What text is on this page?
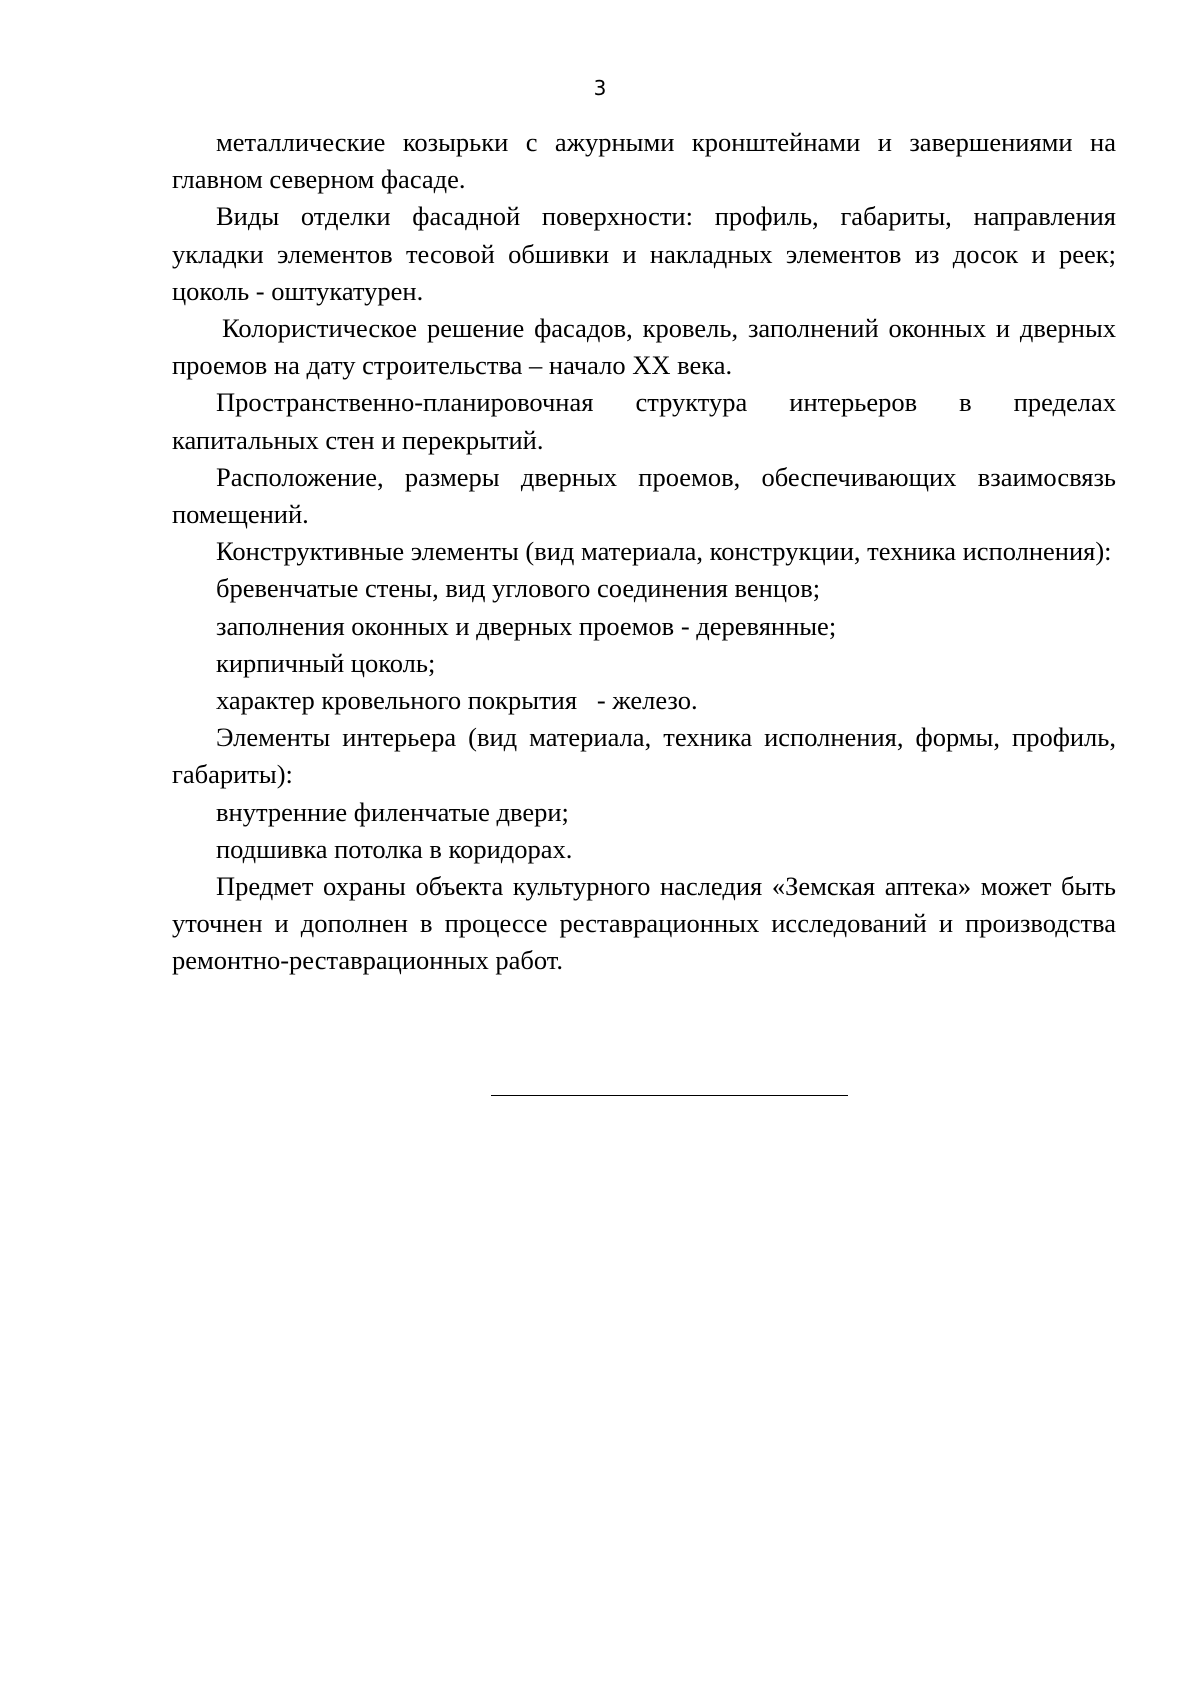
3

металлические козырьки с ажурными кронштейнами и завершениями на главном северном фасаде.

Виды отделки фасадной поверхности: профиль, габариты, направления укладки элементов тесовой обшивки и накладных элементов из досок и реек; цоколь - оштукатурен.

Колористическое решение фасадов, кровель, заполнений оконных и дверных проемов на дату строительства – начало XX века.

Пространственно-планировочная структура интерьеров в пределах капитальных стен и перекрытий.

Расположение, размеры дверных проемов, обеспечивающих взаимосвязь помещений.

Конструктивные элементы (вид материала, конструкции, техника исполнения):

бревенчатые стены, вид углового соединения венцов;

заполнения оконных и дверных проемов - деревянные;

кирпичный цоколь;

характер кровельного покрытия   - железо.

Элементы интерьера (вид материала, техника исполнения, формы, профиль, габариты):

внутренние филенчатые двери;

подшивка потолка в коридорах.

Предмет охраны объекта культурного наследия «Земская аптека» может быть уточнен и дополнен в процессе реставрационных исследований и производства ремонтно-реставрационных работ.
